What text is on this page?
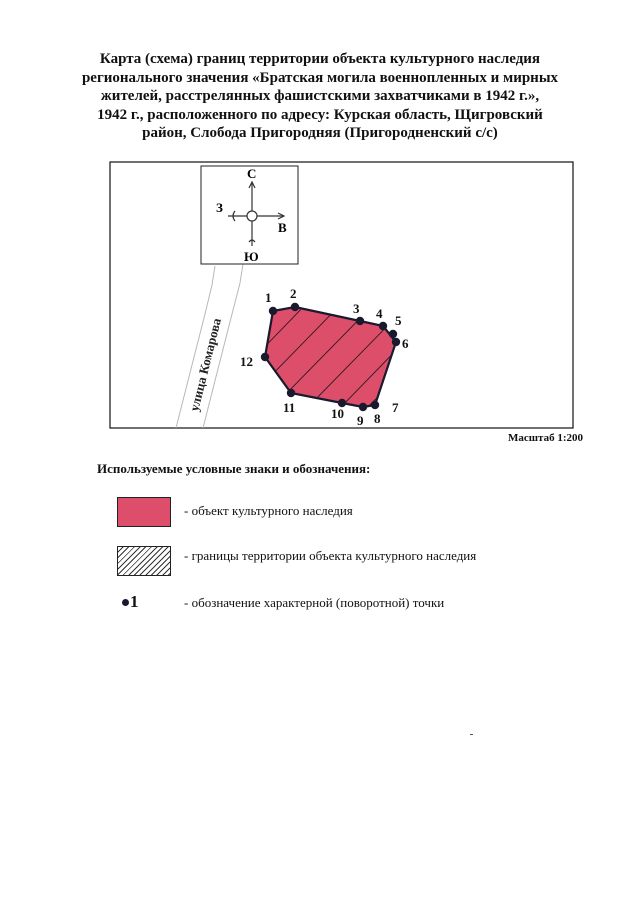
Карта (схема) границ территории объекта культурного наследия
регионального значения «Братская могила военнопленных и мирных
жителей, расстрелянных фашистскими захватчиками в 1942 г.»,
1942 г., расположенного по адресу: Курская область, Щигровский
район, Слобода Пригородняя (Пригородненский с/с)
улица Комарова
С
З
В
Ю
1 2
3 4 5
6
7
8
9
10
11
12
Масштаб 1:200
Используемые условные знаки и обозначения:
- объект культурного наследия
- границы территории объекта культурного наследия
1	- обозначение характерной (поворотной) точки
